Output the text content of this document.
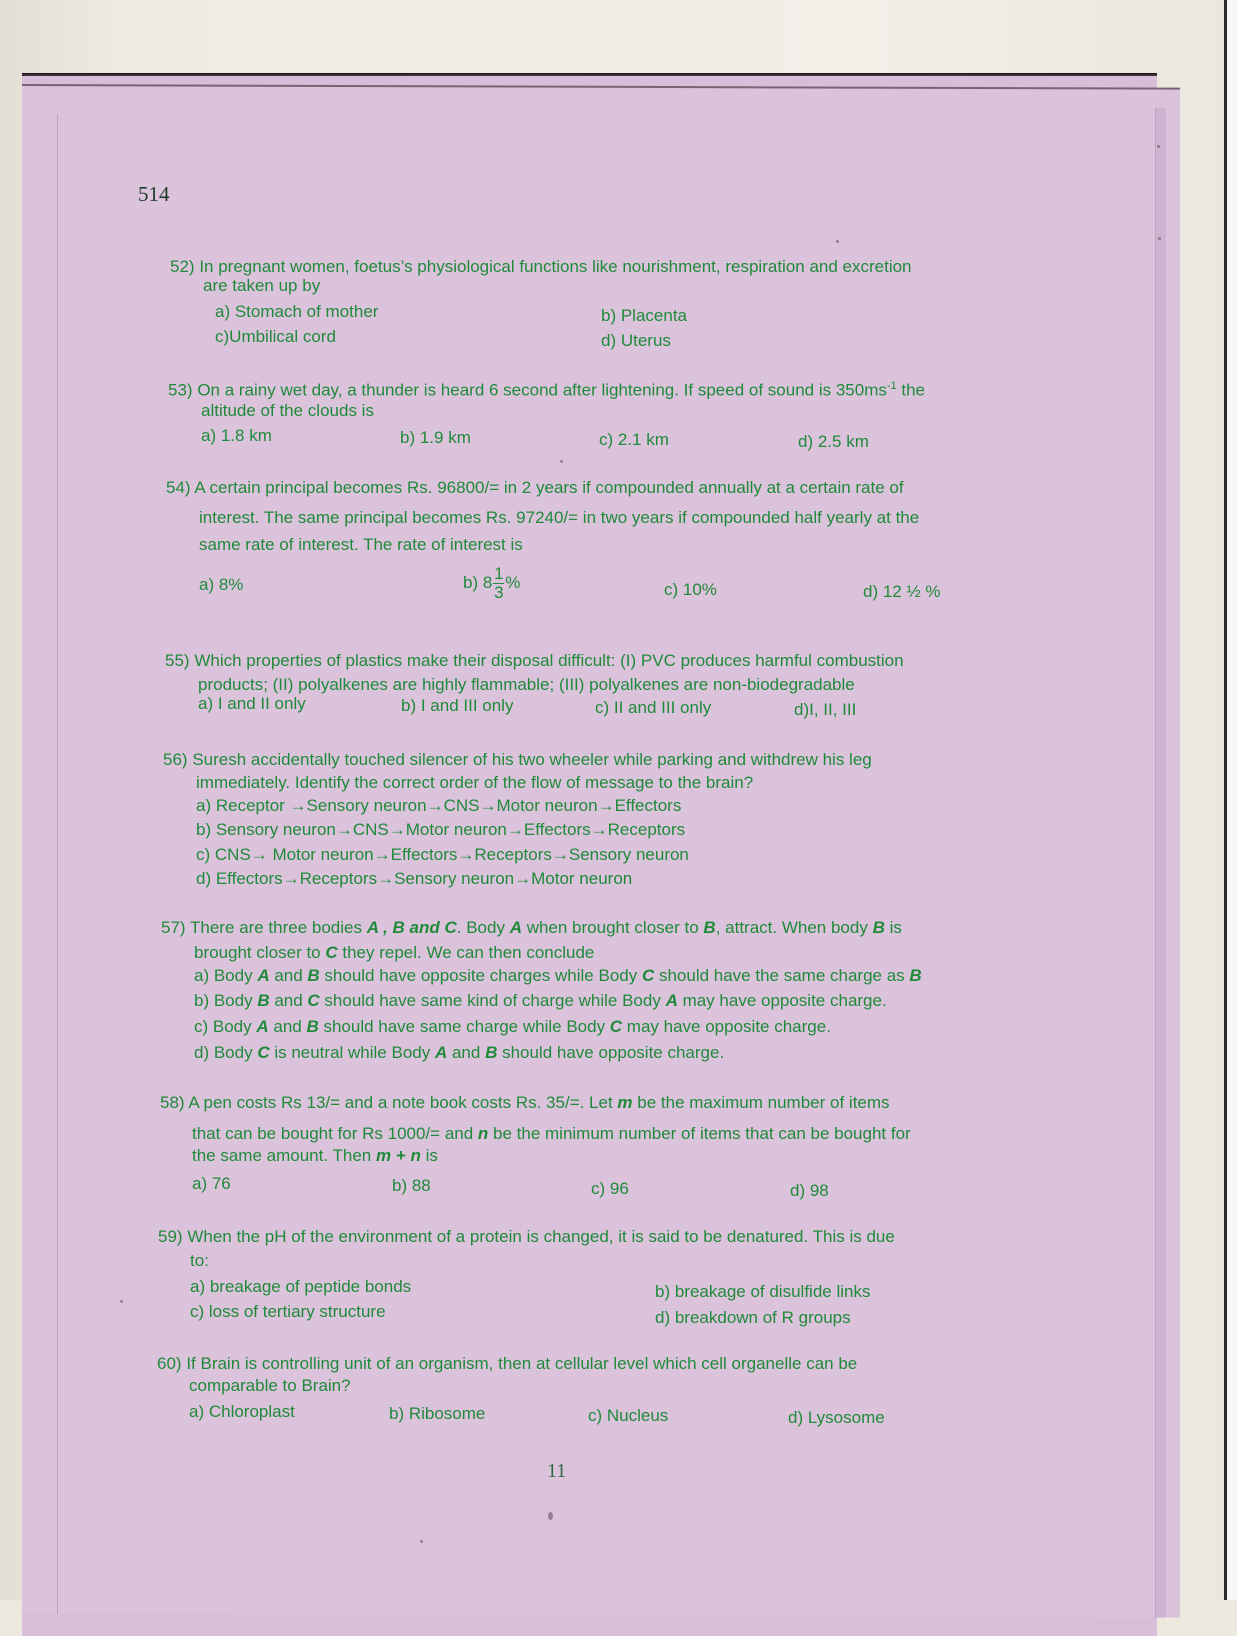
514
52) In pregnant women, foetus’s physiological functions like nourishment, respiration and excretion
are taken up by
a) Stomach of mother	b) Placenta
c)Umbilical cord	d) Uterus
53) On a rainy wet day, a thunder is heard 6 second after lightening. If speed of sound is $350ms^{-1}$ the
altitude of the clouds is
a) 1.8 km	b) 1.9 km	c) 2.1 km	d) 2.5 km
54) A certain principal becomes Rs. 96800/= in 2 years if compounded annually at a certain rate of
interest. The same principal becomes Rs. 97240/= in two years if compounded half yearly at the
same rate of interest. The rate of interest is
a) 8%	b) $8 \frac{1}{3}$ %	c) 10%	d) 12 ½ %
55) Which properties of plastics make their disposal difficult: (I) PVC produces harmful combustion
products; (II) polyalkenes are highly flammable; (III) polyalkenes are non-biodegradable
a) I and II only	b) I and III only	c) II and III only	d)I, II, III
56) Suresh accidentally touched silencer of his two wheeler while parking and withdrew his leg
immediately. Identify the correct order of the flow of message to the brain?
a) Receptor →Sensory neuron→CNS→Motor neuron→Effectors
b) Sensory neuron→CNS→Motor neuron→Effectors→Receptors
c) CNS→ Motor neuron→Effectors→Receptors→Sensory neuron
d) Effectors→Receptors→Sensory neuron→Motor neuron
57) There are three bodies A , B and C. Body A when brought closer to B, attract. When body B is
brought closer to C they repel. We can then conclude
a) Body A and B should have opposite charges while Body C should have the same charge as B
b) Body B and C should have same kind of charge while Body A may have opposite charge.
c) Body A and B should have same charge while Body C may have opposite charge.
d) Body C is neutral while Body A and B should have opposite charge.
58) A pen costs Rs 13/= and a note book costs Rs. 35/=. Let m be the maximum number of items
that can be bought for Rs 1000/= and n be the minimum number of items that can be bought for
the same amount. Then m + n is
a) 76	b) 88	c) 96	d) 98
59) When the pH of the environment of a protein is changed, it is said to be denatured. This is due
to:
a) breakage of peptide bonds	b) breakage of disulfide links
c) loss of tertiary structure	d) breakdown of R groups
60) If Brain is controlling unit of an organism, then at cellular level which cell organelle can be
comparable to Brain?
a) Chloroplast	b) Ribosome	c) Nucleus	d) Lysosome
11
